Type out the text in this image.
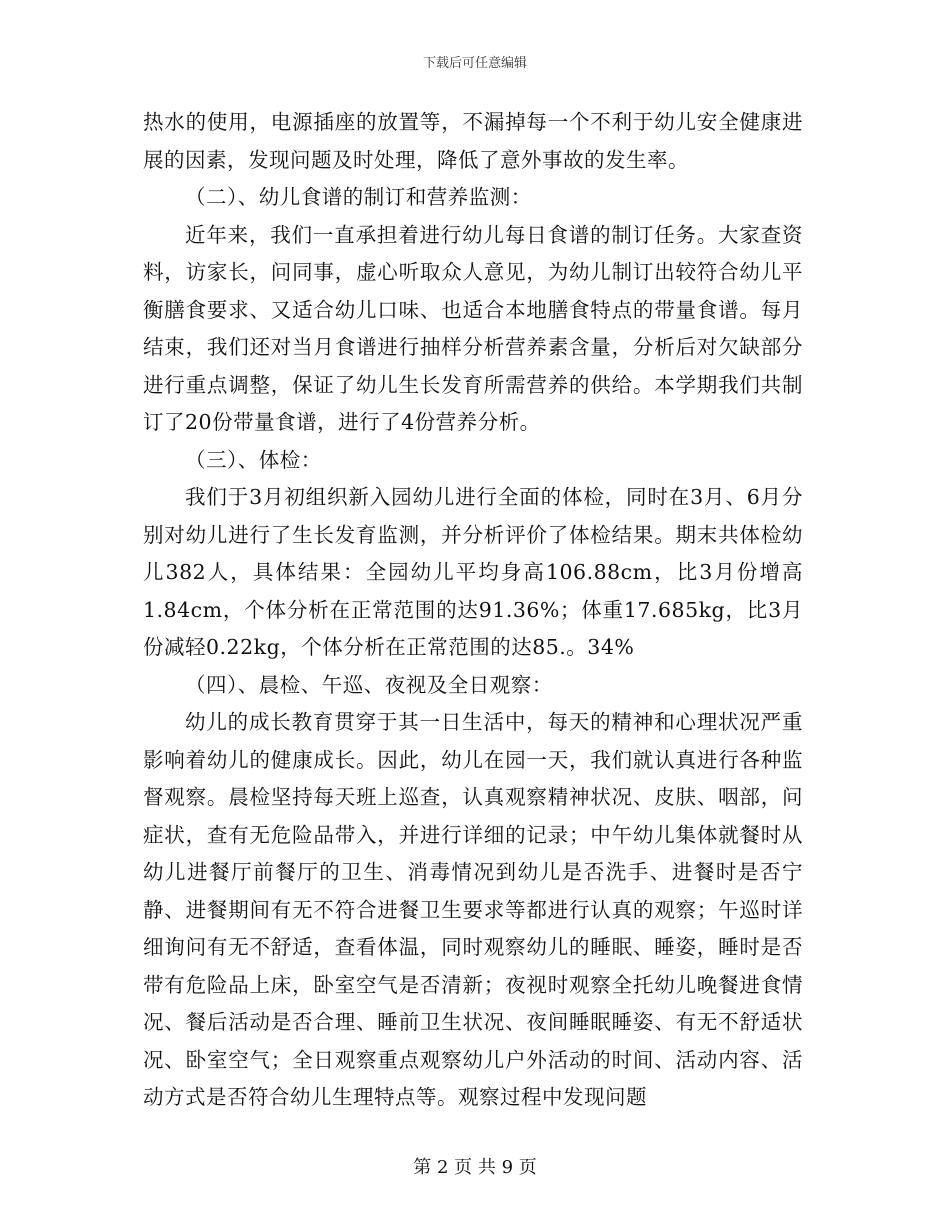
下载后可任意编辑

热水的使用，电源插座的放置等，不漏掉每一个不利于幼儿安全健康进展的因素，发现问题及时处理，降低了意外事故的发生率。

（二）、幼儿食谱的制订和营养监测：

近年来，我们一直承担着进行幼儿每日食谱的制订任务。大家查资料，访家长，问同事，虚心听取众人意见，为幼儿制订出较符合幼儿平衡膳食要求、又适合幼儿口味、也适合本地膳食特点的带量食谱。每月结束，我们还对当月食谱进行抽样分析营养素含量，分析后对欠缺部分进行重点调整，保证了幼儿生长发育所需营养的供给。本学期我们共制订了20份带量食谱，进行了4份营养分析。

（三）、体检：

我们于3月初组织新入园幼儿进行全面的体检，同时在3月、6月分别对幼儿进行了生长发育监测，并分析评价了体检结果。期末共体检幼儿382人，具体结果：全园幼儿平均身高106.88cm，比3月份增高1.84cm，个体分析在正常范围的达91.36%；体重17.685kg，比3月份减轻0.22kg，个体分析在正常范围的达85.。34%

（四）、晨检、午巡、夜视及全日观察：

幼儿的成长教育贯穿于其一日生活中，每天的精神和心理状况严重影响着幼儿的健康成长。因此，幼儿在园一天，我们就认真进行各种监督观察。晨检坚持每天班上巡查，认真观察精神状况、皮肤、咽部，问症状，查有无危险品带入，并进行详细的记录；中午幼儿集体就餐时从幼儿进餐厅前餐厅的卫生、消毒情况到幼儿是否洗手、进餐时是否宁静、进餐期间有无不符合进餐卫生要求等都进行认真的观察；午巡时详细询问有无不舒适，查看体温，同时观察幼儿的睡眠、睡姿，睡时是否带有危险品上床，卧室空气是否清新；夜视时观察全托幼儿晚餐进食情况、餐后活动是否合理、睡前卫生状况、夜间睡眠睡姿、有无不舒适状况、卧室空气；全日观察重点观察幼儿户外活动的时间、活动内容、活动方式是否符合幼儿生理特点等。观察过程中发现问题

第 2 页 共 9 页
